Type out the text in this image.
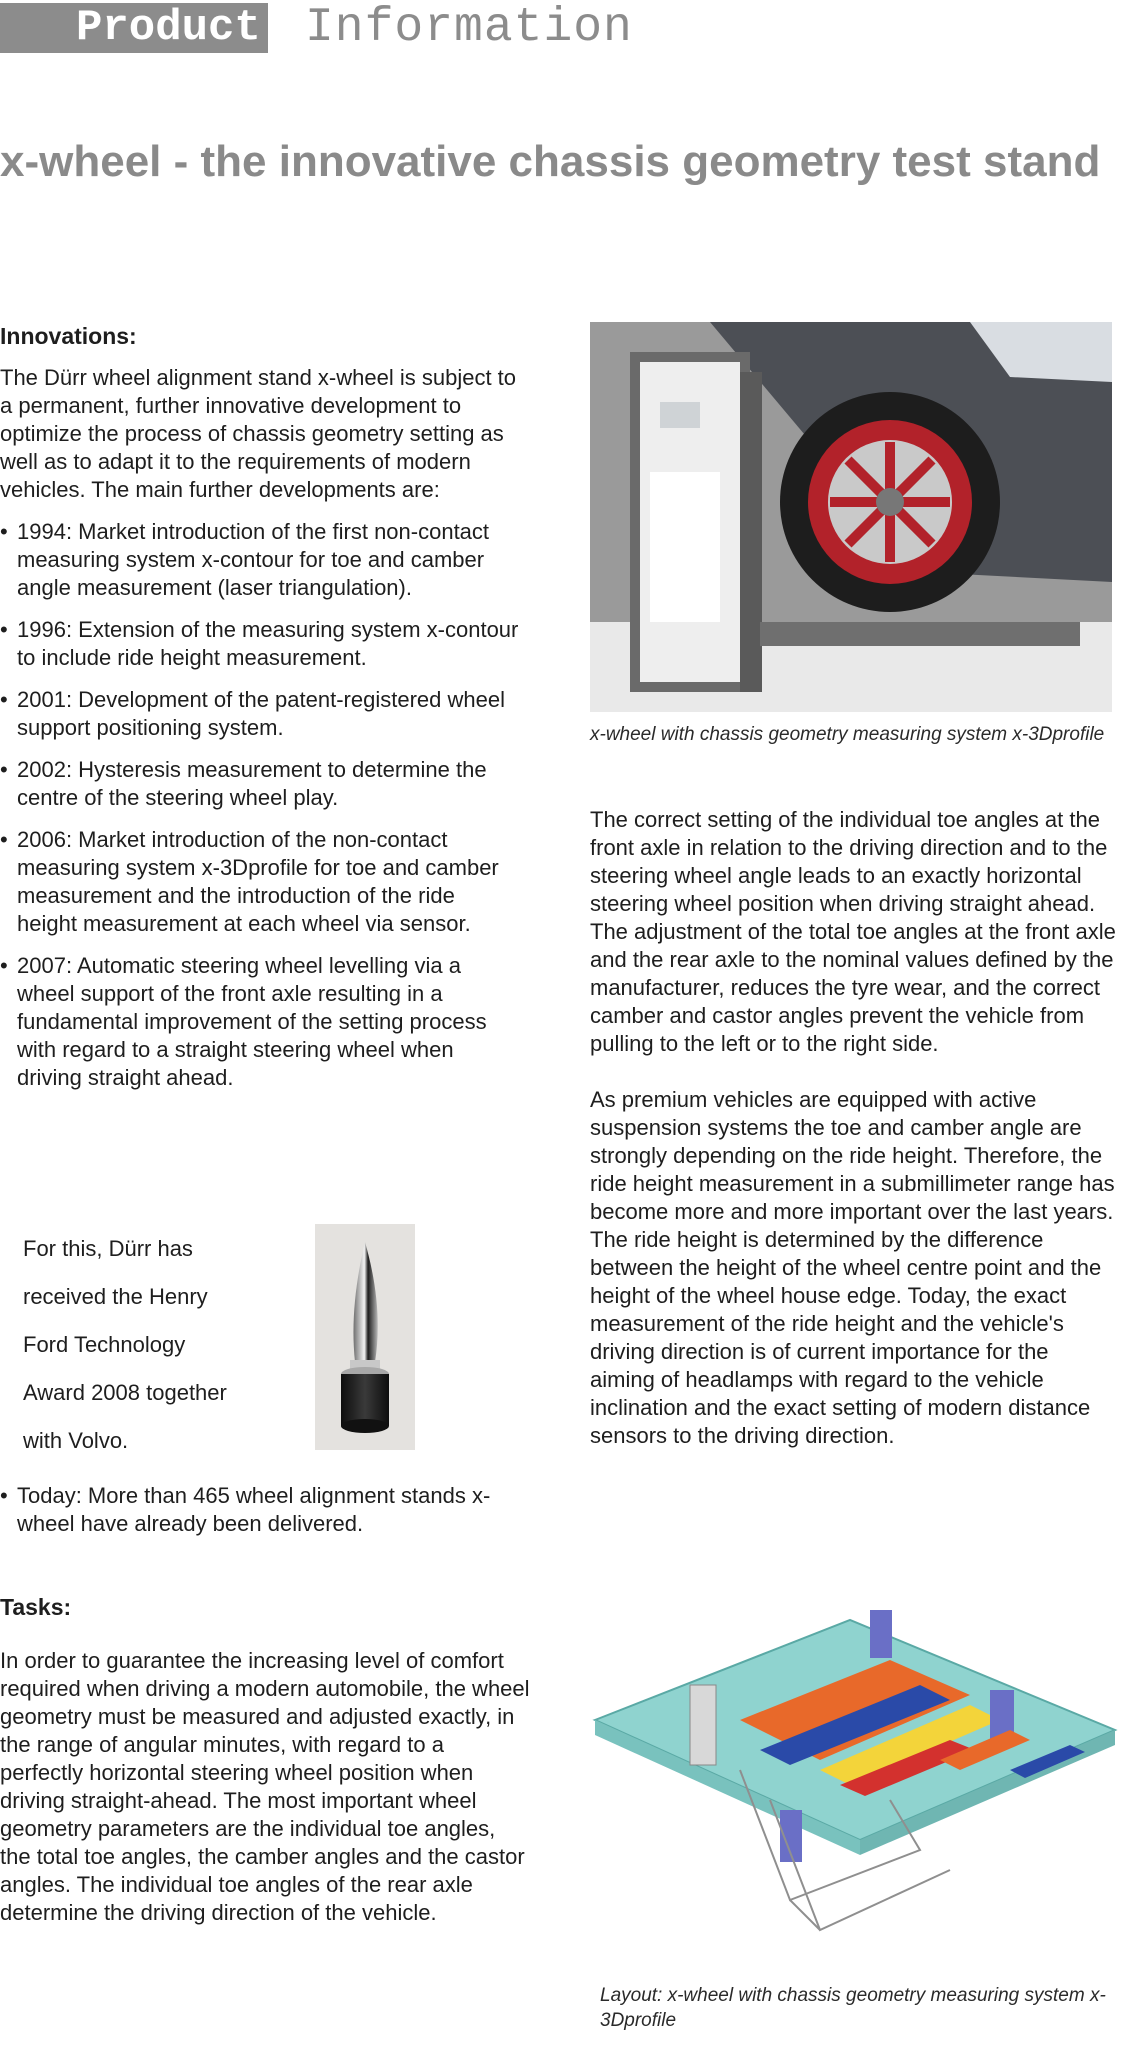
Product Information
x-wheel - the innovative chassis geometry test stand
Innovations:

The Dürr wheel alignment stand x-wheel is subject to a permanent, further innovative development to optimize the process of chassis geometry setting as well as to adapt it to the requirements of modern vehicles. The main further developments are:

• 1994: Market introduction of the first non-contact measuring system x-contour for toe and camber angle measurement (laser triangulation).
• 1996: Extension of the measuring system x-contour to include ride height measurement.
• 2001: Development of the patent-registered wheel support positioning system.
• 2002: Hysteresis measurement to determine the centre of the steering wheel play.
• 2006: Market introduction of the non-contact measuring system x-3Dprofile for toe and camber measurement and the introduction of the ride height measurement at each wheel via sensor.
• 2007: Automatic steering wheel levelling via a wheel support of the front axle resulting in a fundamental improvement of the setting process with regard to a straight steering wheel when driving straight ahead.
For this, Dürr has
received the Henry
Ford Technology
Award 2008 together
with Volvo.
• Today: More than 465 wheel alignment stands x-wheel have already been delivered.
x-wheel with chassis geometry measuring system x-3Dprofile

The correct setting of the individual toe angles at the front axle in relation to the driving direction and to the steering wheel angle leads to an exactly horizontal steering wheel position when driving straight ahead. The adjustment of the total toe angles at the front axle and the rear axle to the nominal values defined by the manufacturer, reduces the tyre wear, and the correct camber and castor angles prevent the vehicle from pulling to the left or to the right side.

As premium vehicles are equipped with active suspension systems the toe and camber angle are strongly depending on the ride height. Therefore, the ride height measurement in a submillimeter range has become more and more important over the last years. The ride height is determined by the difference between the height of the wheel centre point and the height of the wheel house edge. Today, the exact measurement of the ride height and the vehicle's driving direction is of current importance for the aiming of headlamps with regard to the vehicle inclination and the exact setting of modern distance sensors to the driving direction.

Tasks:

In order to guarantee the increasing level of comfort required when driving a modern automobile, the wheel geometry must be measured and adjusted exactly, in the range of angular minutes, with regard to a perfectly horizontal steering wheel position when driving straight-ahead. The most important wheel geometry parameters are the individual toe angles, the total toe angles, the camber angles and the castor angles. The individual toe angles of the rear axle determine the driving direction of the vehicle.

Layout: x-wheel with chassis geometry measuring system x-3Dprofile
